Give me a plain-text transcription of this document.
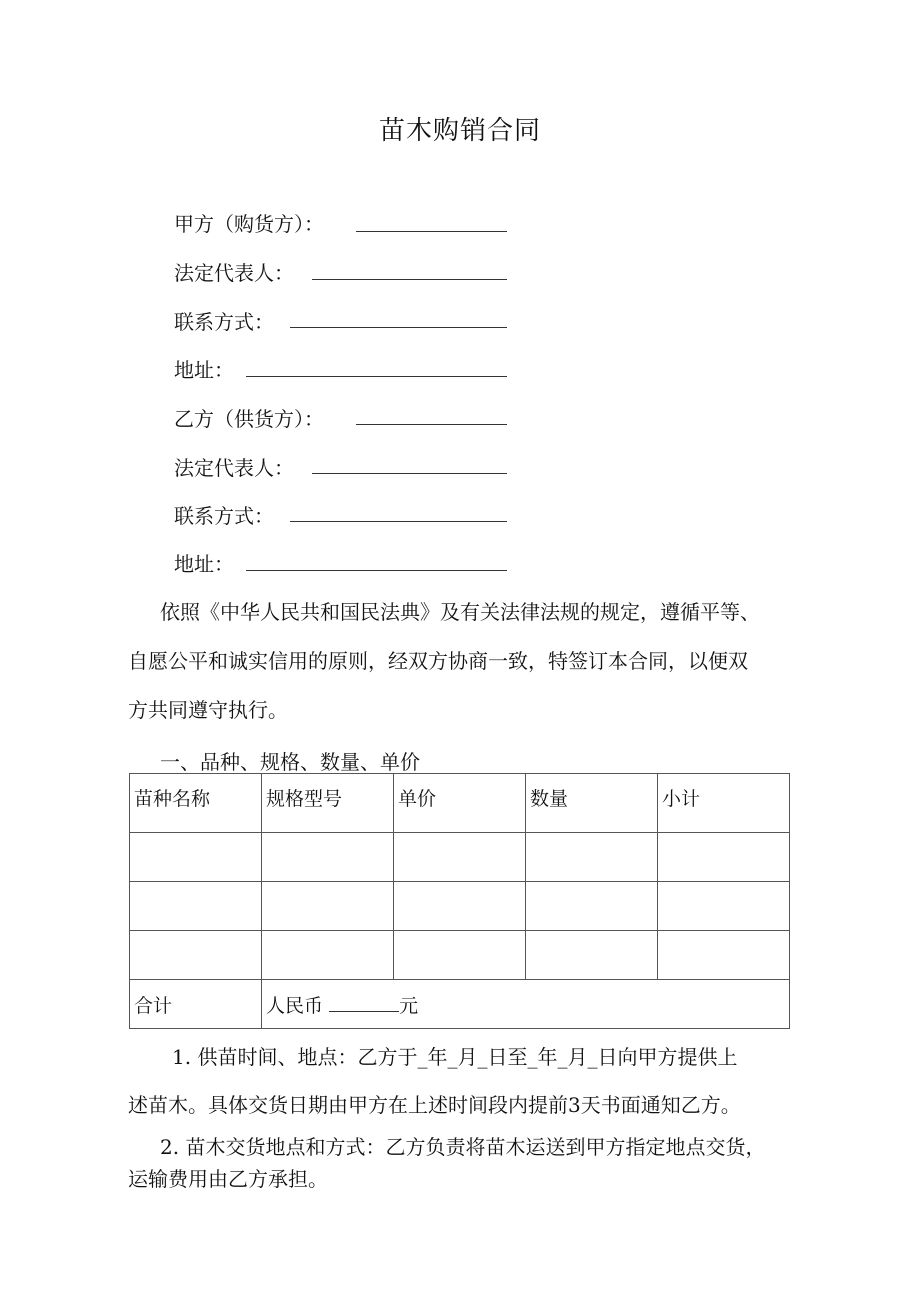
苗木购销合同
甲方（购货方）：
法定代表人：
联系方式：
地址：
乙方（供货方）：
法定代表人：
联系方式：
地址：
依照《中华人民共和国民法典》及有关法律法规的规定，遵循平等、
自愿公平和诚实信用的原则，经双方协商一致，特签订本合同，以便双
方共同遵守执行。
一、品种、规格、数量、单价
苗种名称	规格型号	单价	数量	小计

合计	人民币 元			
1. 供苗时间、地点：乙方于_年_月_日至_年_月_日向甲方提供上
述苗木。具体交货日期由甲方在上述时间段内提前3天书面通知乙方。
2. 苗木交货地点和方式：乙方负责将苗木运送到甲方指定地点交货，
运输费用由乙方承担。
